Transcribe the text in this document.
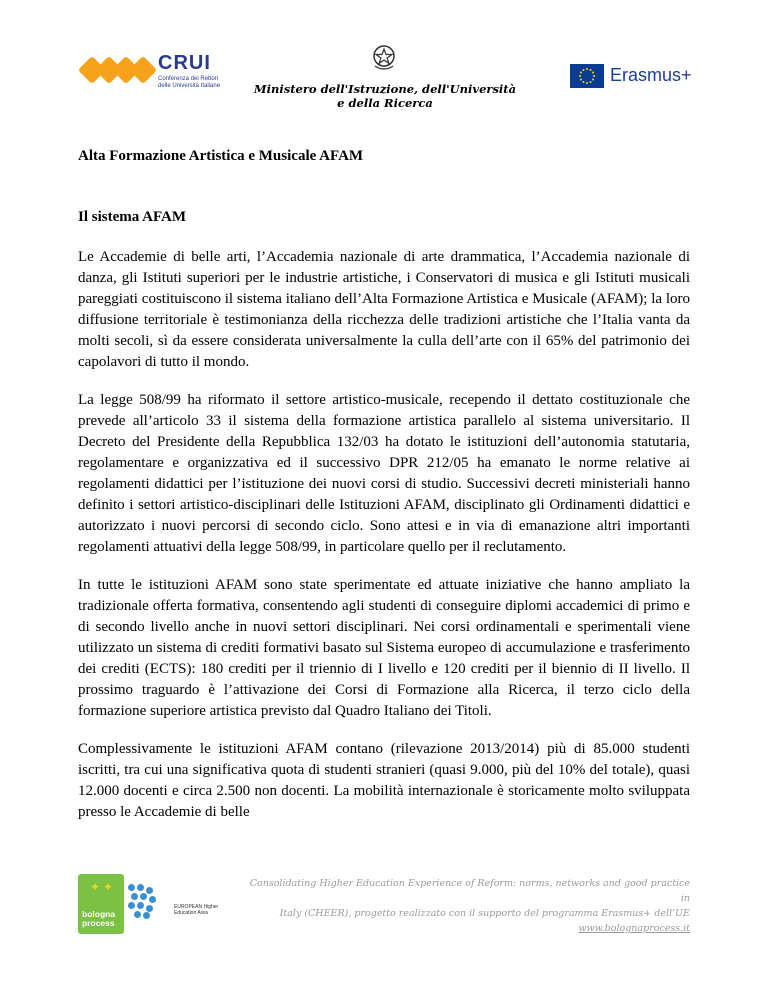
CRUI
Conferenza dei Rettori delle Università Italiane	Ministero dell'Istruzione, dell'Università e della Ricerca
Erasmus+
Alta Formazione Artistica e Musicale AFAM
Il sistema AFAM

Le Accademie di belle arti, l’Accademia nazionale di arte drammatica, l’Accademia nazionale di danza, gli Istituti superiori per le industrie artistiche, i Conservatori di musica e gli Istituti musicali pareggiati costituiscono il sistema italiano dell’Alta Formazione Artistica e Musicale (AFAM); la loro diffusione territoriale è testimonianza della ricchezza delle tradizioni artistiche che l’Italia vanta da molti secoli, sì da essere considerata universalmente la culla dell’arte con il 65% del patrimonio dei capolavori di tutto il mondo.

La legge 508/99 ha riformato il settore artistico-musicale, recependo il dettato costituzionale che prevede all’articolo 33 il sistema della formazione artistica parallelo al sistema universitario. Il Decreto del Presidente della Repubblica 132/03 ha dotato le istituzioni dell’autonomia statutaria, regolamentare e organizzativa ed il successivo DPR 212/05 ha emanato le norme relative ai regolamenti didattici per l’istituzione dei nuovi corsi di studio. Successivi decreti ministeriali hanno definito i settori artistico-disciplinari delle Istituzioni AFAM, disciplinato gli Ordinamenti didattici e autorizzato i nuovi percorsi di secondo ciclo. Sono attesi e in via di emanazione altri importanti regolamenti attuativi della legge 508/99, in particolare quello per il reclutamento.

In tutte le istituzioni AFAM sono state sperimentate ed attuate iniziative che hanno ampliato la tradizionale offerta formativa, consentendo agli studenti di conseguire diplomi accademici di primo e di secondo livello anche in nuovi settori disciplinari. Nei corsi ordinamentali e sperimentali viene utilizzato un sistema di crediti formativi basato sul Sistema europeo di accumulazione e trasferimento dei crediti (ECTS): 180 crediti per il triennio di I livello e 120 crediti per il biennio di II livello. Il prossimo traguardo è l’attivazione dei Corsi di Formazione alla Ricerca, il terzo ciclo della formazione superiore artistica previsto dal Quadro Italiano dei Titoli.

Complessivamente le istituzioni AFAM contano (rilevazione 2013/2014) più di 85.000 studenti iscritti, tra cui una significativa quota di studenti stranieri (quasi 9.000, più del 10% del totale), quasi 12.000 docenti e circa 2.500 non docenti. La mobilità internazionale è storicamente molto sviluppata presso le Accademie di belle

✦ ✦
bologna process
EUROPEAN Higher Education Area
Consolidating Higher Education Experience of Reform: norms, networks and good practice in
Italy (CHEER), progetto realizzato con il supporto del programma Erasmus+ dell’UE
www.bolognaprocess.it
